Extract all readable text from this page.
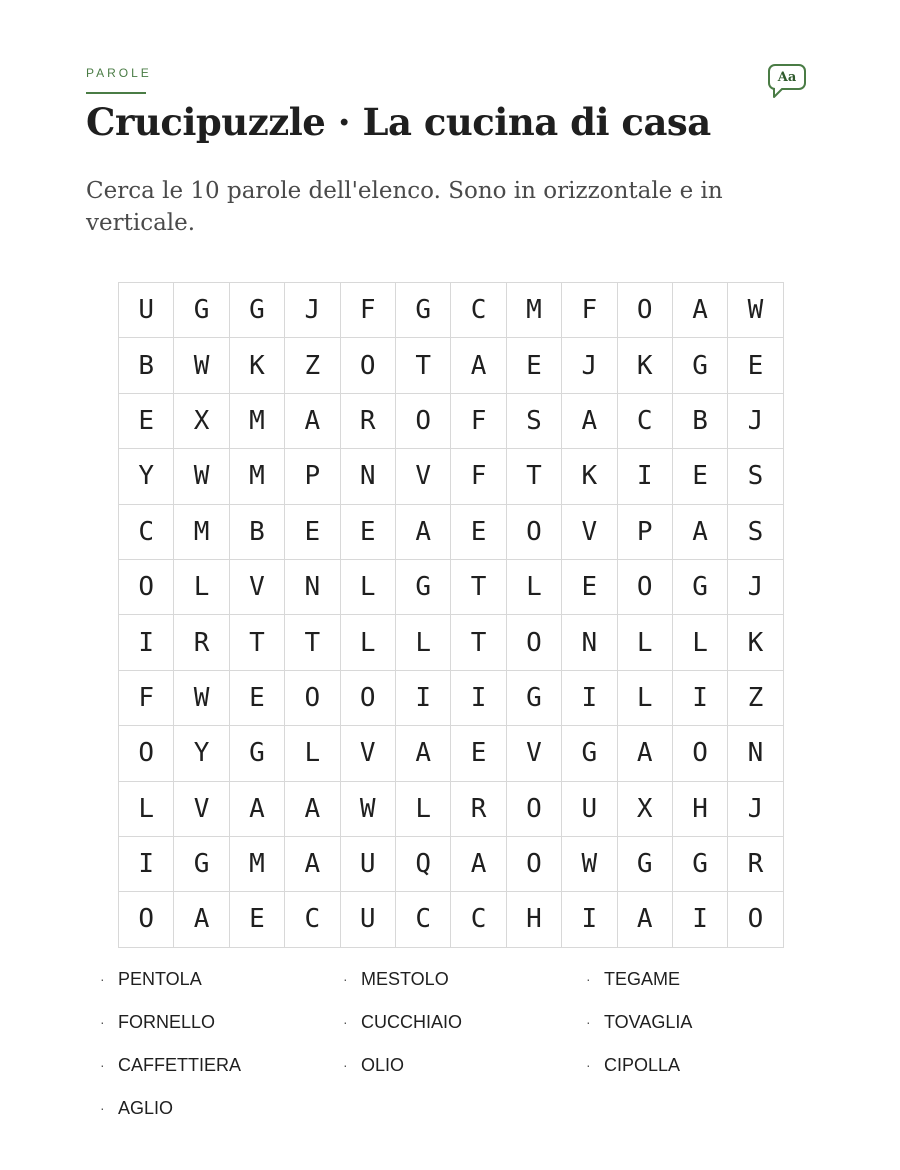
PAROLE	Aa
Crucipuzzle · La cucina di casa

Cerca le 10 parole dell'elenco. Sono in orizzontale e in verticale.

U	G	G	J	F	G	C	M	F	O	A	W
B	W	K	Z	O	T	A	E	J	K	G	E
E	X	M	A	R	O	F	S	A	C	B	J
Y	W	M	P	N	V	F	T	K	I	E	S
C	M	B	E	E	A	E	O	V	P	A	S
O	L	V	N	L	G	T	L	E	O	G	J
I	R	T	T	L	L	T	O	N	L	L	K
F	W	E	O	O	I	I	G	I	L	I	Z
O	Y	G	L	V	A	E	V	G	A	O	N
L	V	A	A	W	L	R	O	U	X	H	J
I	G	M	A	U	Q	A	O	W	G	G	R
O	A	E	C	U	C	C	H	I	A	I	O
· PENTOLA	· MESTOLO	· TEGAME
· FORNELLO	· CUCCHIAIO	· TOVAGLIA
· CAFFETTIERA	· OLIO	· CIPOLLA
· AGLIO
